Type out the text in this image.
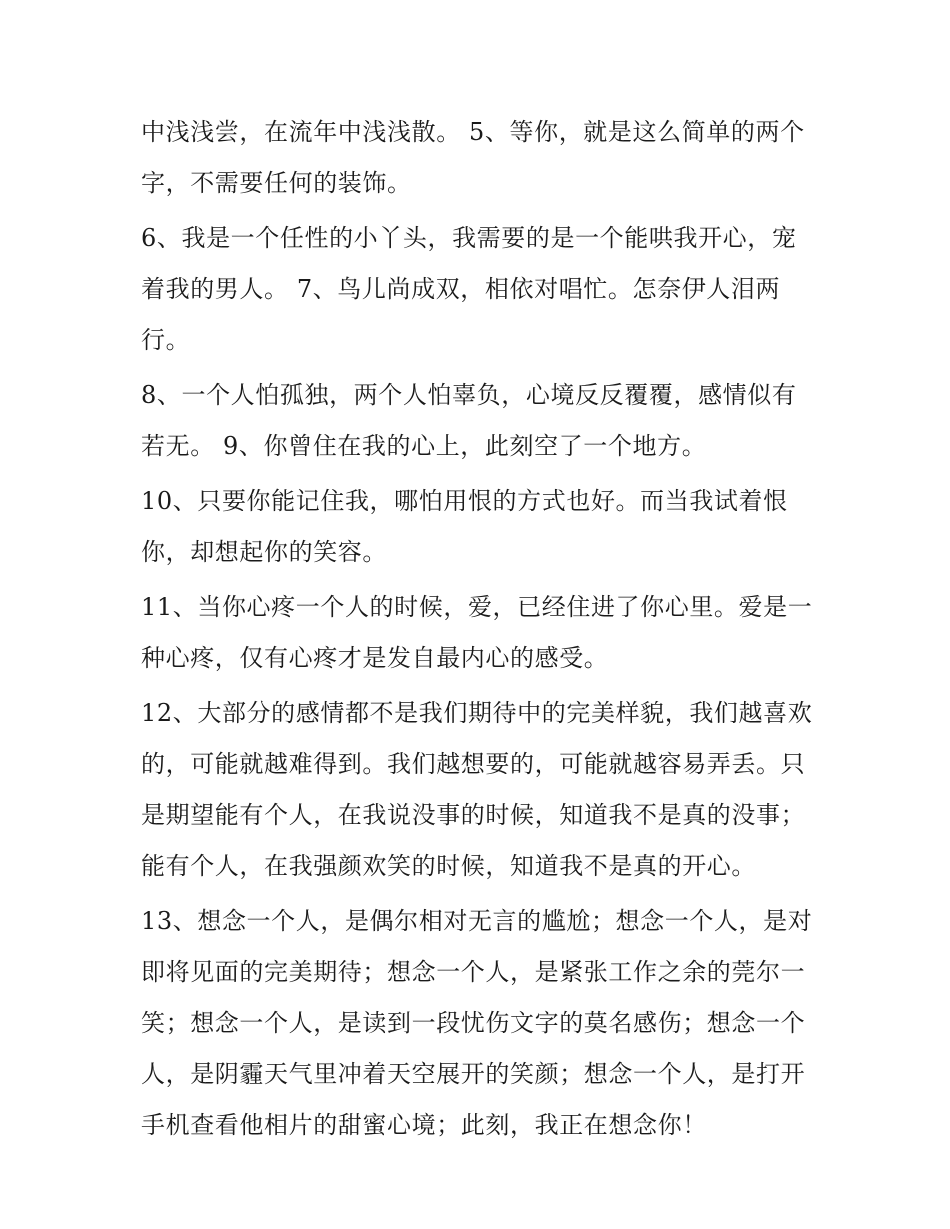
中浅浅尝，在流年中浅浅散。 5、等你，就是这么简单的两个字，不需要任何的装饰。

6、我是一个任性的小丫头，我需要的是一个能哄我开心，宠着我的男人。 7、鸟儿尚成双，相依对唱忙。怎奈伊人泪两行。

8、一个人怕孤独，两个人怕辜负，心境反反覆覆，感情似有若无。 9、你曾住在我的心上，此刻空了一个地方。

10、只要你能记住我，哪怕用恨的方式也好。而当我试着恨你，却想起你的笑容。

11、当你心疼一个人的时候，爱，已经住进了你心里。爱是一种心疼，仅有心疼才是发自最内心的感受。

12、大部分的感情都不是我们期待中的完美样貌，我们越喜欢的，可能就越难得到。我们越想要的，可能就越容易弄丢。只是期望能有个人，在我说没事的时候，知道我不是真的没事；能有个人，在我强颜欢笑的时候，知道我不是真的开心。

13、想念一个人，是偶尔相对无言的尴尬；想念一个人，是对即将见面的完美期待；想念一个人，是紧张工作之余的莞尔一笑；想念一个人，是读到一段忧伤文字的莫名感伤；想念一个人，是阴霾天气里冲着天空展开的笑颜；想念一个人，是打开手机查看他相片的甜蜜心境；此刻，我正在想念你！
